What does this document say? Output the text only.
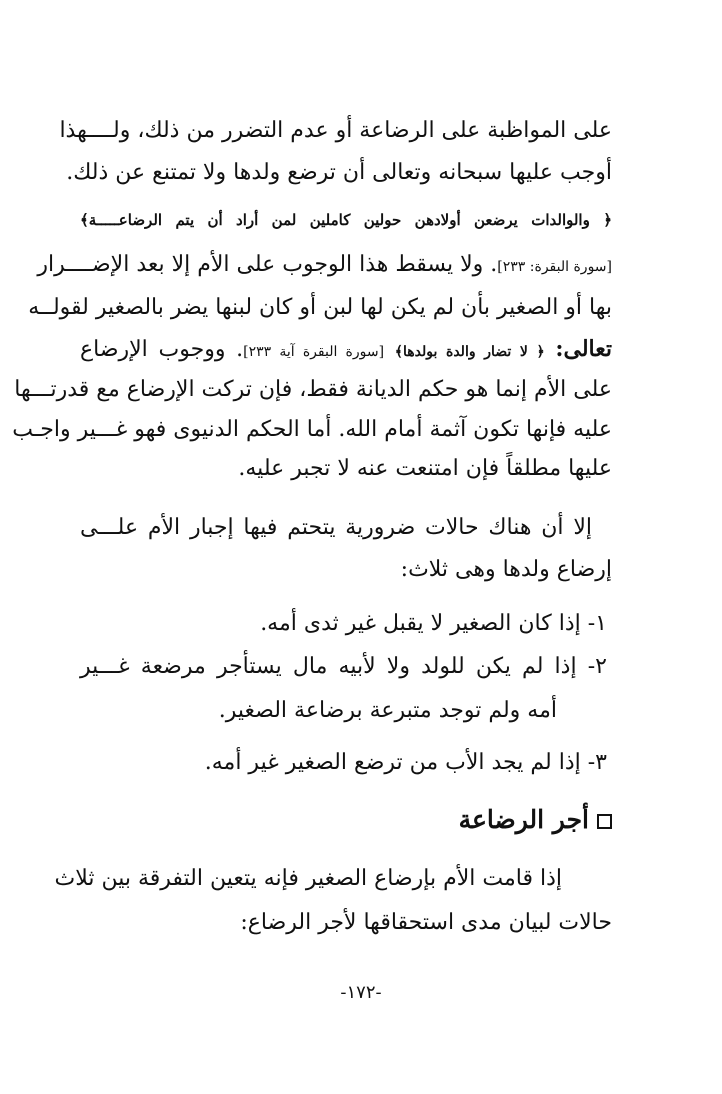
على المواظبة على الرضاعة أو عدم التضرر من ذلك، ولــــهذا
أوجب عليها سبحانه وتعالى أن ترضع ولدها ولا تمتنع عن ذلك.
﴿ والوالدات يرضعن أولادهن حولين كاملين لمن أراد أن يتم الرضاعـــــة﴾
[سورة البقرة: ٢٣٣]. ولا يسقط هذا الوجوب على الأم إلا بعد الإضــــرار
بها أو الصغير بأن لم يكن لها لبن أو كان لبنها يضر بالصغير لقولــه
تعالى: ﴿ لا تضار والدة بولدها﴾ [سورة البقرة آية ٢٣٣]. ووجوب الإرضاع
على الأم إنما هو حكم الديانة فقط، فإن تركت الإرضاع مع قدرتـــها
عليه فإنها تكون آثمة أمام الله. أما الحكم الدنيوى فهو غـــير واجـب
عليها مطلقاً فإن امتنعت عنه لا تجبر عليه.
إلا أن هناك حالات ضرورية يتحتم فيها إجبار الأم علـــى
إرضاع ولدها وهى ثلاث:
١- إذا كان الصغير لا يقبل غير ثدى أمه.
٢- إذا لم يكن للولد ولا لأبيه مال يستأجر مرضعة غـــير
أمه ولم توجد متبرعة برضاعة الصغير.
٣- إذا لم يجد الأب من ترضع الصغير غير أمه.
أجر الرضاعة
إذا قامت الأم بإرضاع الصغير فإنه يتعين التفرقة بين ثلاث
حالات لبيان مدى استحقاقها لأجر الرضاع:
-١٧٢-
